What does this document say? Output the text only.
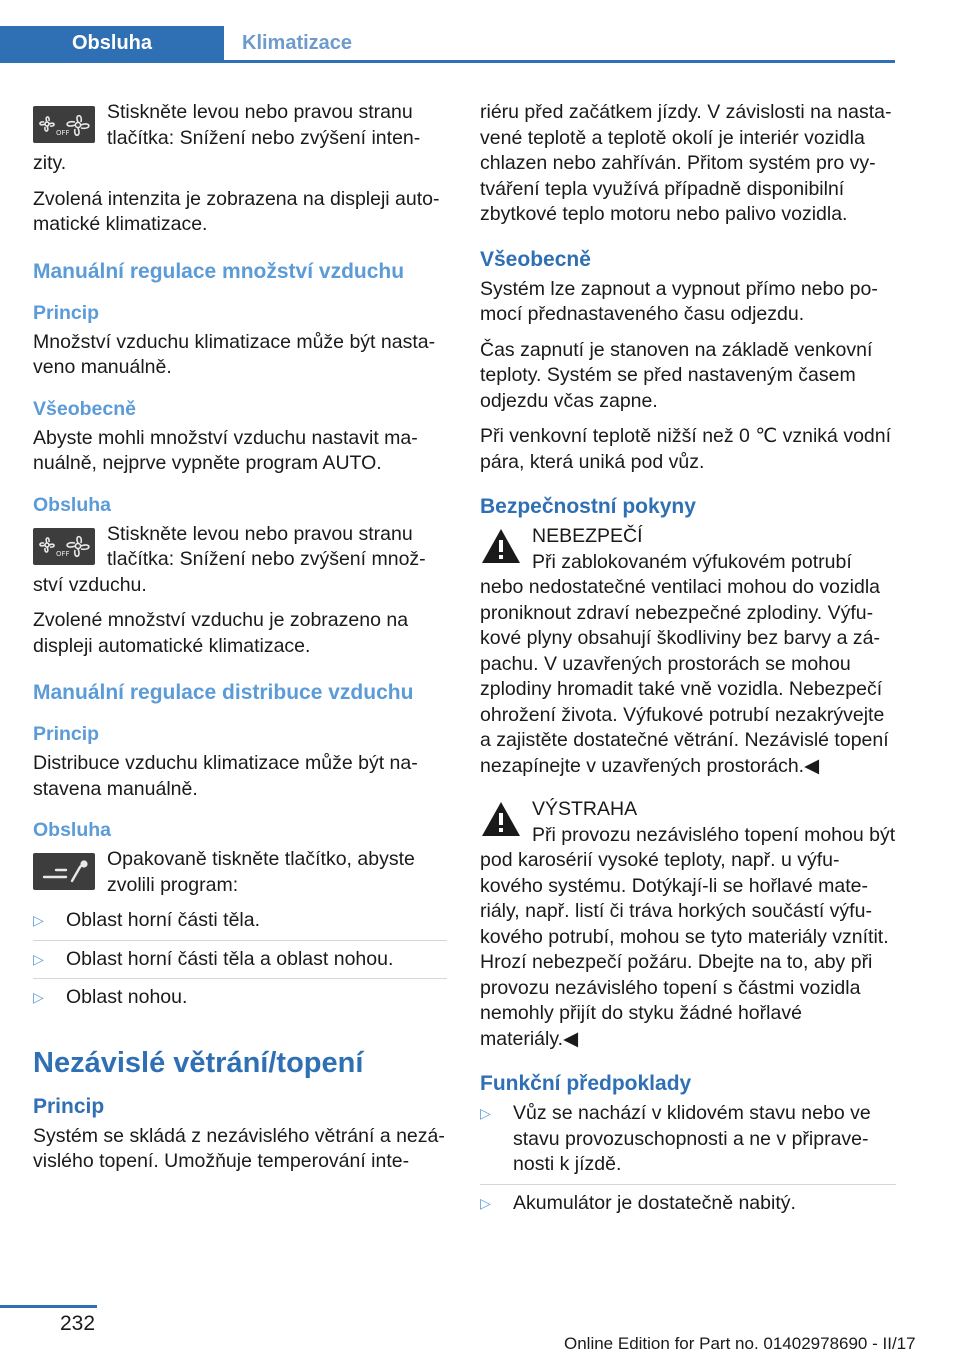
Obsluha	Klimatizace
OFF

Stiskněte levou nebo pravou stranu tlačítka: Snížení nebo zvýšení inten- zity.

Zvolená intenzita je zobrazena na displeji auto- matické klimatizace.

Manuální regulace množství vzduchu
Princip

Množství vzduchu klimatizace může být nasta- veno manuálně.

Všeobecně

Abyste mohli množství vzduchu nastavit ma- nuálně, nejprve vypněte program AUTO.

Obsluha
OFF

Stiskněte levou nebo pravou stranu tlačítka: Snížení nebo zvýšení množ- ství vzduchu.

Zvolené množství vzduchu je zobrazeno na displeji automatické klimatizace.

Manuální regulace distribuce vzduchu
Princip

Distribuce vzduchu klimatizace může být na- stavena manuálně.

Obsluha

Opakovaně tiskněte tlačítko, abyste zvolili program:

▷ Oblast horní části těla.
▷ Oblast horní části těla a oblast nohou.
▷ Oblast nohou.
Nezávislé větrání/topení
Princip

Systém se skládá z nezávislého větrání a nezá- vislého topení. Umožňuje temperování inte-

riéru před začátkem jízdy. V závislosti na nasta- vené teplotě a teplotě okolí je interiér vozidla chlazen nebo zahříván. Přitom systém pro vy- tváření tepla využívá případně disponibilní zbytkové teplo motoru nebo palivo vozidla.

Všeobecně

Systém lze zapnout a vypnout přímo nebo po- mocí přednastaveného času odjezdu.

Čas zapnutí je stanoven na základě venkovní teploty. Systém se před nastaveným časem odjezdu včas zapne.

Při venkovní teplotě nižší než 0 ℃ vzniká vodní pára, která uniká pod vůz.

Bezpečnostní pokyny
NEBEZPEČÍ

Při zablokovaném výfukovém potrubí nebo nedostatečné ventilaci mohou do vozidla proniknout zdraví nebezpečné zplodiny. Výfu- kové plyny obsahují škodliviny bez barvy a zá- pachu. V uzavřených prostorách se mohou zplodiny hromadit také vně vozidla. Nebezpečí ohrožení života. Výfukové potrubí nezakrývejte a zajistěte dostatečné větrání. Nezávislé topení nezapínejte v uzavřených prostorách.◀

VÝSTRAHA

Při provozu nezávislého topení mohou být pod karosérií vysoké teploty, např. u výfu- kového systému. Dotýkají-li se hořlavé mate- riály, např. listí či tráva horkých součástí výfu- kového potrubí, mohou se tyto materiály vznítit. Hrozí nebezpečí požáru. Dbejte na to, aby při provozu nezávislého topení s částmi vozidla nemohly přijít do styku žádné hořlavé materiály.◀

Funkční předpoklady
▷ Vůz se nachází v klidovém stavu nebo ve stavu provozuschopnosti a ne v připrave- nosti k jízdě.
▷ Akumulátor je dostatečně nabitý.
232
Online Edition for Part no. 01402978690 - II/17
